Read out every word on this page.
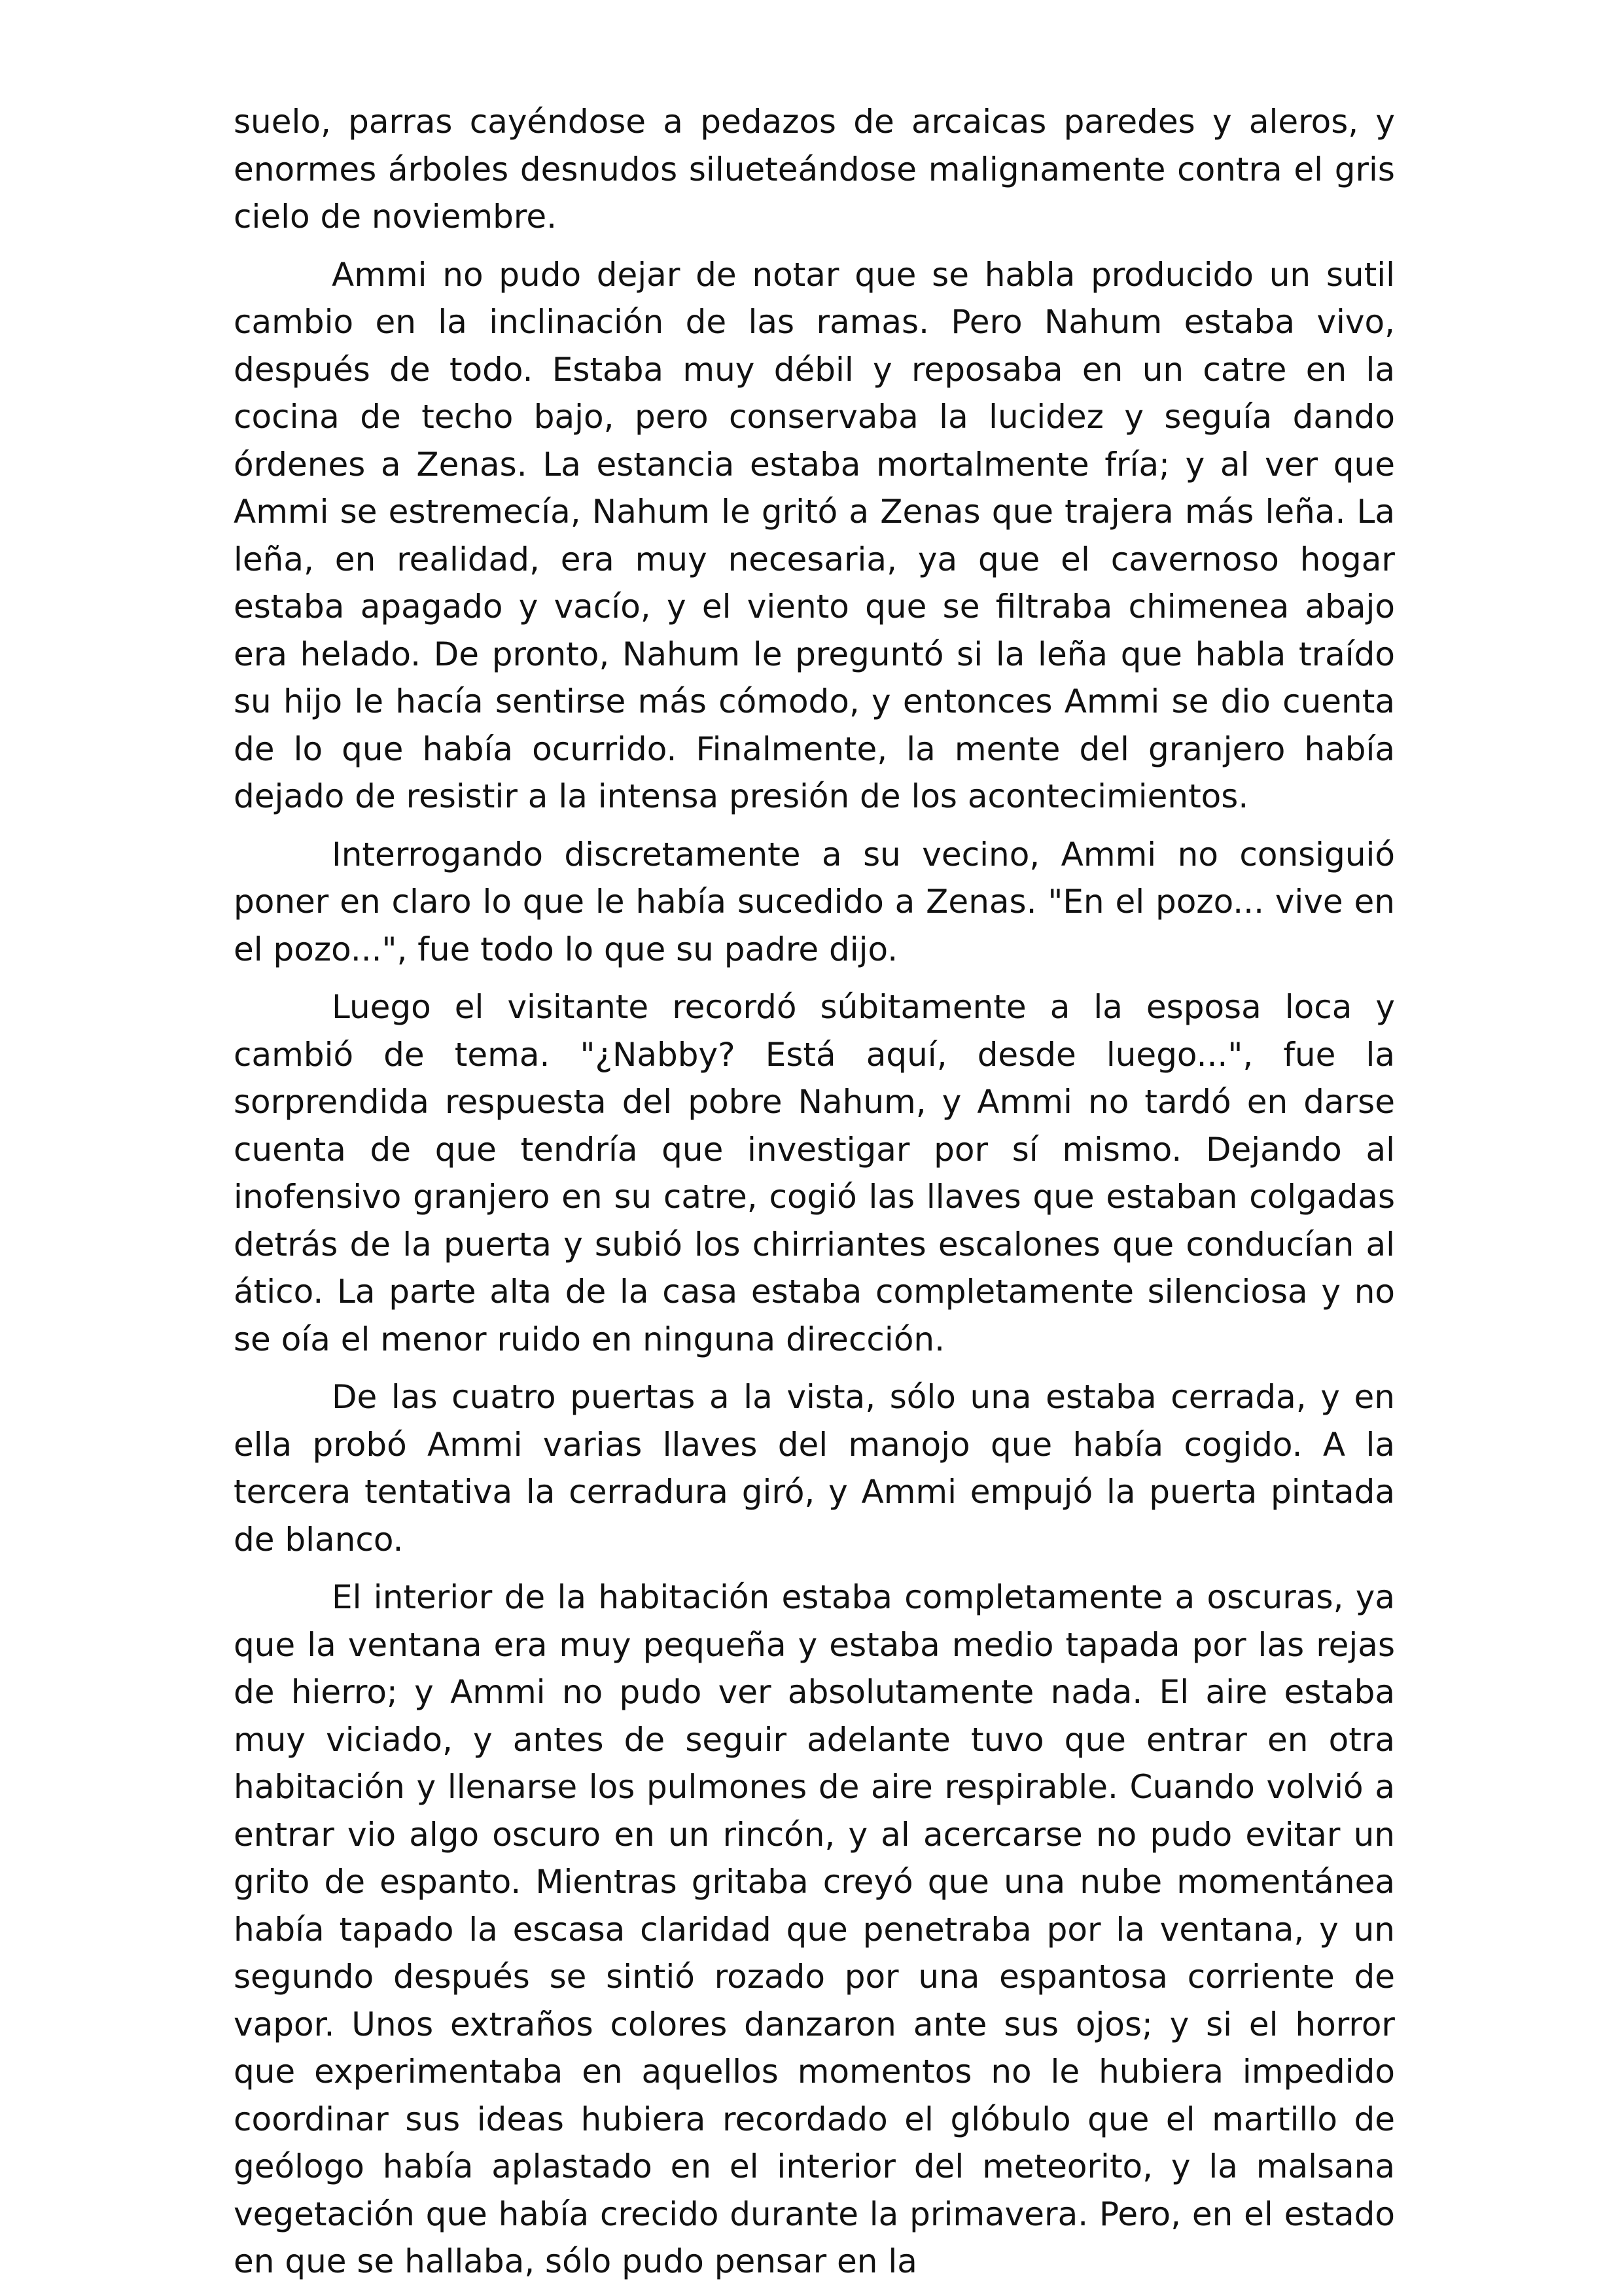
suelo, parras cayéndose a pedazos de arcaicas paredes y aleros, y enormes árboles desnudos silueteándose malignamente contra el gris cielo de noviembre.

Ammi no pudo dejar de notar que se habla producido un sutil cambio en la inclinación de las ramas. Pero Nahum estaba vivo, después de todo. Estaba muy débil y reposaba en un catre en la cocina de techo bajo, pero conservaba la lucidez y seguía dando órdenes a Zenas. La estancia estaba mortalmente fría; y al ver que Ammi se estremecía, Nahum le gritó a Zenas que trajera más leña. La leña, en realidad, era muy necesaria, ya que el cavernoso hogar estaba apagado y vacío, y el viento que se filtraba chimenea abajo era helado. De pronto, Nahum le preguntó si la leña que habla traído su hijo le hacía sentirse más cómodo, y entonces Ammi se dio cuenta de lo que había ocurrido. Finalmente, la mente del granjero había dejado de resistir a la intensa presión de los acontecimientos.

Interrogando discretamente a su vecino, Ammi no consiguió poner en claro lo que le había sucedido a Zenas. "En el pozo... vive en el pozo...", fue todo lo que su padre dijo.

Luego el visitante recordó súbitamente a la esposa loca y cambió de tema. "¿Nabby? Está aquí, desde luego...", fue la sorprendida respuesta del pobre Nahum, y Ammi no tardó en darse cuenta de que tendría que investigar por sí mismo. Dejando al inofensivo granjero en su catre, cogió las llaves que estaban colgadas detrás de la puerta y subió los chirriantes escalones que conducían al ático. La parte alta de la casa estaba completamente silenciosa y no se oía el menor ruido en ninguna dirección.

De las cuatro puertas a la vista, sólo una estaba cerrada, y en ella probó Ammi varias llaves del manojo que había cogido. A la tercera tentativa la cerradura giró, y Ammi empujó la puerta pintada de blanco.

El interior de la habitación estaba completamente a oscuras, ya que la ventana era muy pequeña y estaba medio tapada por las rejas de hierro; y Ammi no pudo ver absolutamente nada. El aire estaba muy viciado, y antes de seguir adelante tuvo que entrar en otra habitación y llenarse los pulmones de aire respirable. Cuando volvió a entrar vio algo oscuro en un rincón, y al acercarse no pudo evitar un grito de espanto. Mientras gritaba creyó que una nube momentánea había tapado la escasa claridad que penetraba por la ventana, y un segundo después se sintió rozado por una espantosa corriente de vapor. Unos extraños colores danzaron ante sus ojos; y si el horror que experimentaba en aquellos momentos no le hubiera impedido coordinar sus ideas hubiera recordado el glóbulo que el martillo de geólogo había aplastado en el interior del meteorito, y la malsana vegetación que había crecido durante la primavera. Pero, en el estado en que se hallaba, sólo pudo pensar en la
